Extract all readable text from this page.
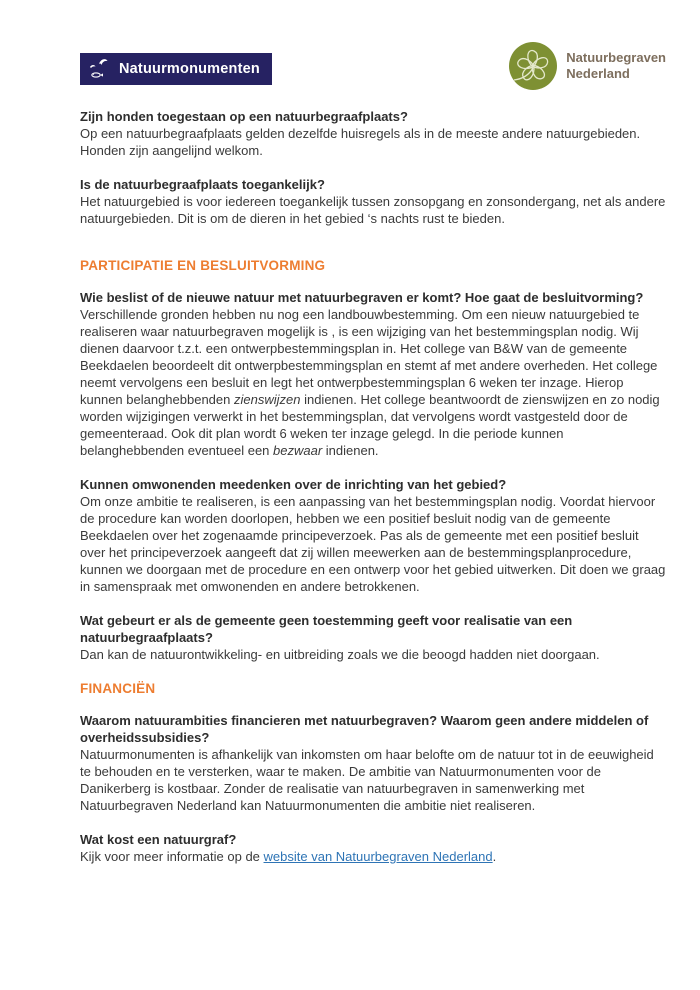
Natuurmonumenten
Natuurbegraven
Nederland
Zijn honden toegestaan op een natuurbegraafplaats?

Op een natuurbegraafplaats gelden dezelfde huisregels als in de meeste andere natuurgebieden. Honden zijn aangelijnd welkom.

Is de natuurbegraafplaats toegankelijk?

Het natuurgebied is voor iedereen toegankelijk tussen zonsopgang en zonsondergang, net als andere natuurgebieden. Dit is om de dieren in het gebied ‘s nachts rust te bieden.

PARTICIPATIE EN BESLUITVORMING
Wie beslist of de nieuwe natuur met natuurbegraven er komt? Hoe gaat de besluitvorming?

Verschillende gronden hebben nu nog een landbouwbestemming. Om een nieuw natuurgebied te realiseren waar natuurbegraven mogelijk is , is een wijziging van het bestemmingsplan nodig. Wij dienen daarvoor t.z.t. een ontwerpbestemmingsplan in. Het college van B&W van de gemeente Beekdaelen beoordeelt dit ontwerpbestemmingsplan en stemt af met andere overheden. Het college neemt vervolgens een besluit en legt het ontwerpbestemmingsplan 6 weken ter inzage. Hierop kunnen belanghebbenden zienswijzen indienen. Het college beantwoordt de zienswijzen en zo nodig worden wijzigingen verwerkt in het bestemmingsplan, dat vervolgens wordt vastgesteld door de gemeenteraad. Ook dit plan wordt 6 weken ter inzage gelegd. In die periode kunnen belanghebbenden eventueel een bezwaar indienen.

Kunnen omwonenden meedenken over de inrichting van het gebied?

Om onze ambitie te realiseren, is een aanpassing van het bestemmingsplan nodig. Voordat hiervoor de procedure kan worden doorlopen, hebben we een positief besluit nodig van de gemeente Beekdaelen over het zogenaamde principeverzoek. Pas als de gemeente met een positief besluit over het principeverzoek aangeeft dat zij willen meewerken aan de bestemmingsplanprocedure, kunnen we doorgaan met de procedure en een ontwerp voor het gebied uitwerken. Dit doen we graag in samenspraak met omwonenden en andere betrokkenen.

Wat gebeurt er als de gemeente geen toestemming geeft voor realisatie van een natuurbegraafplaats?

Dan kan de natuurontwikkeling- en uitbreiding zoals we die beoogd hadden niet doorgaan.

FINANCIËN
Waarom natuurambities financieren met natuurbegraven? Waarom geen andere middelen of overheidssubsidies?

Natuurmonumenten is afhankelijk van inkomsten om haar belofte om de natuur tot in de eeuwigheid te behouden en te versterken, waar te maken. De ambitie van Natuurmonumenten voor de Danikerberg is kostbaar. Zonder de realisatie van natuurbegraven in samenwerking met Natuurbegraven Nederland kan Natuurmonumenten die ambitie niet realiseren.

Wat kost een natuurgraf?

Kijk voor meer informatie op de website van Natuurbegraven Nederland.
